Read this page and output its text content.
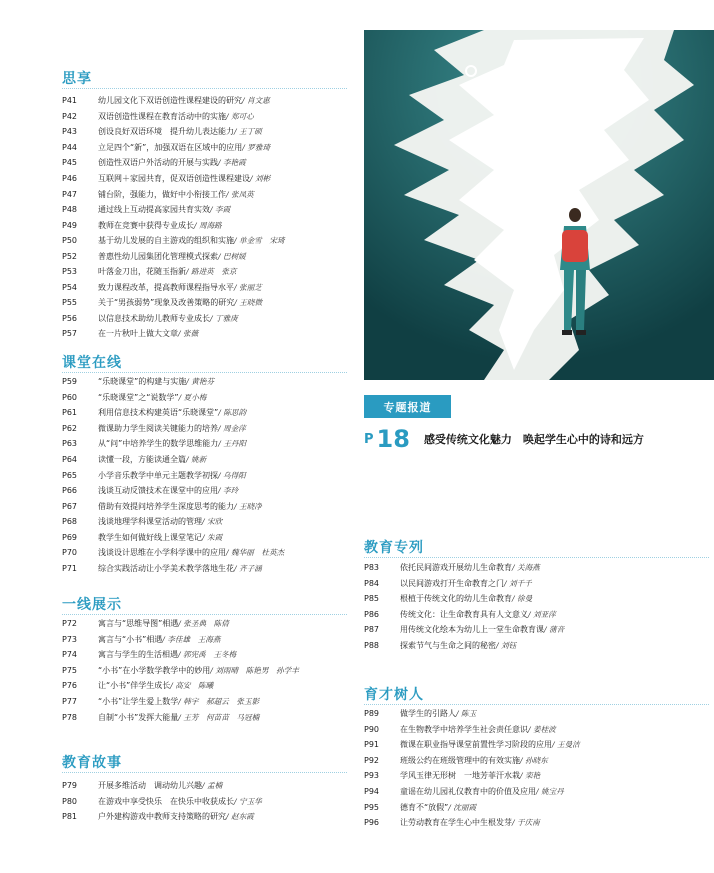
思享
P41	幼儿园文化下双语创造性课程建设的研究 / 肖文惠
P42	双语创造性课程在教育活动中的实施 / 郑可心
P43	创设良好双语环境　提升幼儿表达能力 / 王丁硕
P44	立足四个“新”，加强双语在区域中的应用 / 罗雅琦
P45	创造性双语户外活动的开展与实践 / 李艳霞
P46	互联网＋家园共育，促双语创造性课程建设 / 刘彬
P47	铺台阶，强能力，做好中小衔接工作 / 张凤英
P48	通过线上互动提高家园共育实效 / 李霞
P49	教师在竞赛中获得专业成长 / 周海路
P50	基于幼儿发展的自主游戏的组织和实施 / 单金雪　宋琦
P52	普惠性幼儿园集团化管理模式探索 / 巴树媛
P53	叶落金刀出，花随玉指新 / 路进英　张京
P54	致力课程改革，提高教师课程指导水平 / 张丽芝
P55	关于“男孩弱势”现象及改善策略的研究 / 王晓微
P56	以信息技术助幼儿教师专业成长 / 丁雅庚
P57	在一片秋叶上做大文章 / 张薇
课堂在线
P59	“乐晓课堂”的构建与实施 / 黄艳芬
P60	“乐晓课堂”之“说数学” / 夏小梅
P61	利用信息技术构建英语“乐晓课堂” / 陈思韵
P62	微课助力学生阅读关键能力的培养 / 周金萍
P63	从“问”中培养学生的数学思维能力 / 王丹阳
P64	读懂一段，方能读通全篇 / 姚新
P65	小学音乐教学中单元主题教学初探 / 乌得阳
P66	浅谈互动反馈技术在课堂中的应用 / 李玲
P67	借助有效提问培养学生深度思考的能力 / 王晓净
P68	浅谈地理学科课堂活动的管理 / 宋欣
P69	教学生如何做好线上课堂笔记 / 朱霞
P70	浅谈设计思维在小学科学课中的应用 / 魏华丽　杜英杰
P71	综合实践活动让小学美术教学落地生花 / 齐子涵
一线展示
P72	寓言与“思维导图”相遇 / 张圣典　陈倩
P73	寓言与“小书”相遇 / 李佳雄　王海燕
P74	寓言与学生的生活相遇 / 郭宪禹　王冬梅
P75	“小书”在小学数学教学中的妙用 / 刘雨晴　陈艳男　孙学丰
P76	让“小书”伴学生成长 / 高安　陈曦
P77	“小书”让学生爱上数学 / 韩宇　郝超云　张玉影
P78	自制“小书”发挥大能量 / 王芳　何苗苗　马冠楠
教育故事
P79	开展多维活动　调动幼儿兴趣 / 孟楠
P80	在游戏中享受快乐　在快乐中收获成长 / 宁玉华
P81	户外建构游戏中教师支持策略的研究 / 赵东霞
专题报道
P 18 感受传统文化魅力　唤起学生心中的诗和远方
教育专列
P83	依托民间游戏开展幼儿生命教育 / 关海燕
P84	以民间游戏打开生命教育之门 / 刘千千
P85	根植于传统文化的幼儿生命教育 / 徐曼
P86	传统文化：让生命教育具有人文意义 / 刘亚萍
P87	用传统文化绘本为幼儿上一堂生命教育课 / 蒲音
P88	探索节气与生命之间的秘密 / 刘钰
育才树人
P89	做学生的引路人 / 陈玉
P90	在生物教学中培养学生社会责任意识 / 姜桂波
P91	微课在职业指导课堂前置性学习阶段的应用 / 王曼洁
P92	班级公约在班级管理中的有效实施 / 孙晓东
P93	学风玉律无形树　一地芳菲汗水栽 / 栾艳
P94	童谣在幼儿园礼仪教育中的价值及应用 / 姚宝丹
P95	德育不“放假” / 沈丽霞
P96	让劳动教育在学生心中生根发芽 / 于庆南
